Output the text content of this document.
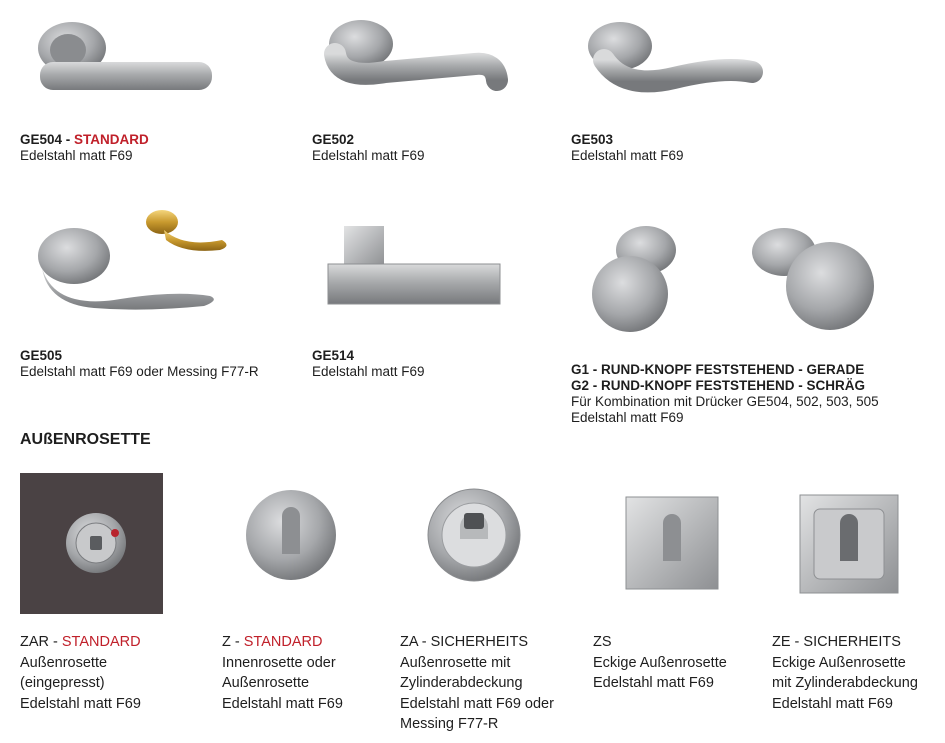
GE504 - STANDARD
Edelstahl matt F69
GE502
Edelstahl matt F69
GE503
Edelstahl matt F69
GE505
Edelstahl matt F69 oder Messing F77-R
GE514
Edelstahl matt F69	G1 - RUND-KNOPF FESTSTEHEND - GERADE
G2 - RUND-KNOPF FESTSTEHEND - SCHRÄG
Für Kombination mit Drücker GE504, 502, 503, 505
Edelstahl matt F69
AUßENROSETTE
ZAR - STANDARD
Außenrosette
(eingepresst)
Edelstahl matt F69
Z - STANDARD
Innenrosette oder
Außenrosette
Edelstahl matt F69
ZA - SICHERHEITS
Außenrosette mit
Zylinderabdeckung
Edelstahl matt F69 oder
Messing F77-R
ZS
Eckige Außenrosette
Edelstahl matt F69
ZE - SICHERHEITS
Eckige Außenrosette
mit Zylinderabdeckung
Edelstahl matt F69
